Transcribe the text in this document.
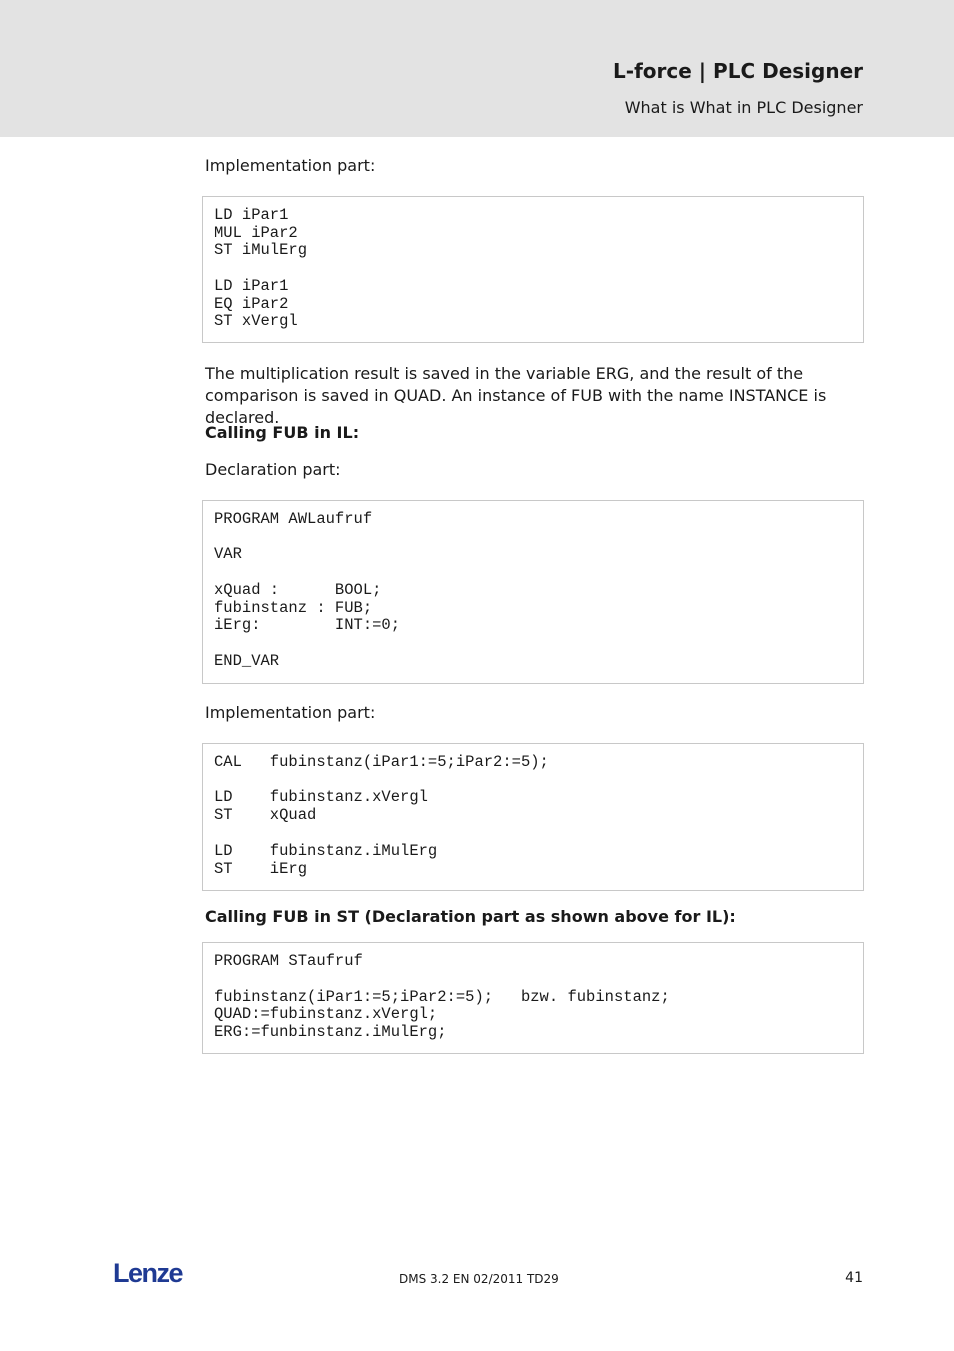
L-force | PLC Designer
What is What in PLC Designer

Implementation part:

LD iPar1
MUL iPar2
ST iMulErg
LD iPar1
EQ iPar2
ST xVergl

The multiplication result is saved in the variable ERG, and the result of the comparison is saved in QUAD. An instance of FUB with the name INSTANCE is declared.

Calling FUB in IL:

Declaration part:

PROGRAM AWLaufruf
VAR
xQuad :      BOOL;
fubinstanz : FUB;
iErg:        INT:=0;
END_VAR

Implementation part:

CAL   fubinstanz(iPar1:=5;iPar2:=5);
LD    fubinstanz.xVergl
ST    xQuad
LD    fubinstanz.iMulErg
ST    iErg

Calling FUB in ST (Declaration part as shown above for IL):

PROGRAM STaufruf
fubinstanz(iPar1:=5;iPar2:=5);   bzw. fubinstanz;
QUAD:=fubinstanz.xVergl;
ERG:=funbinstanz.iMulErg;
Lenze	DMS 3.2 EN 02/2011 TD29	41
